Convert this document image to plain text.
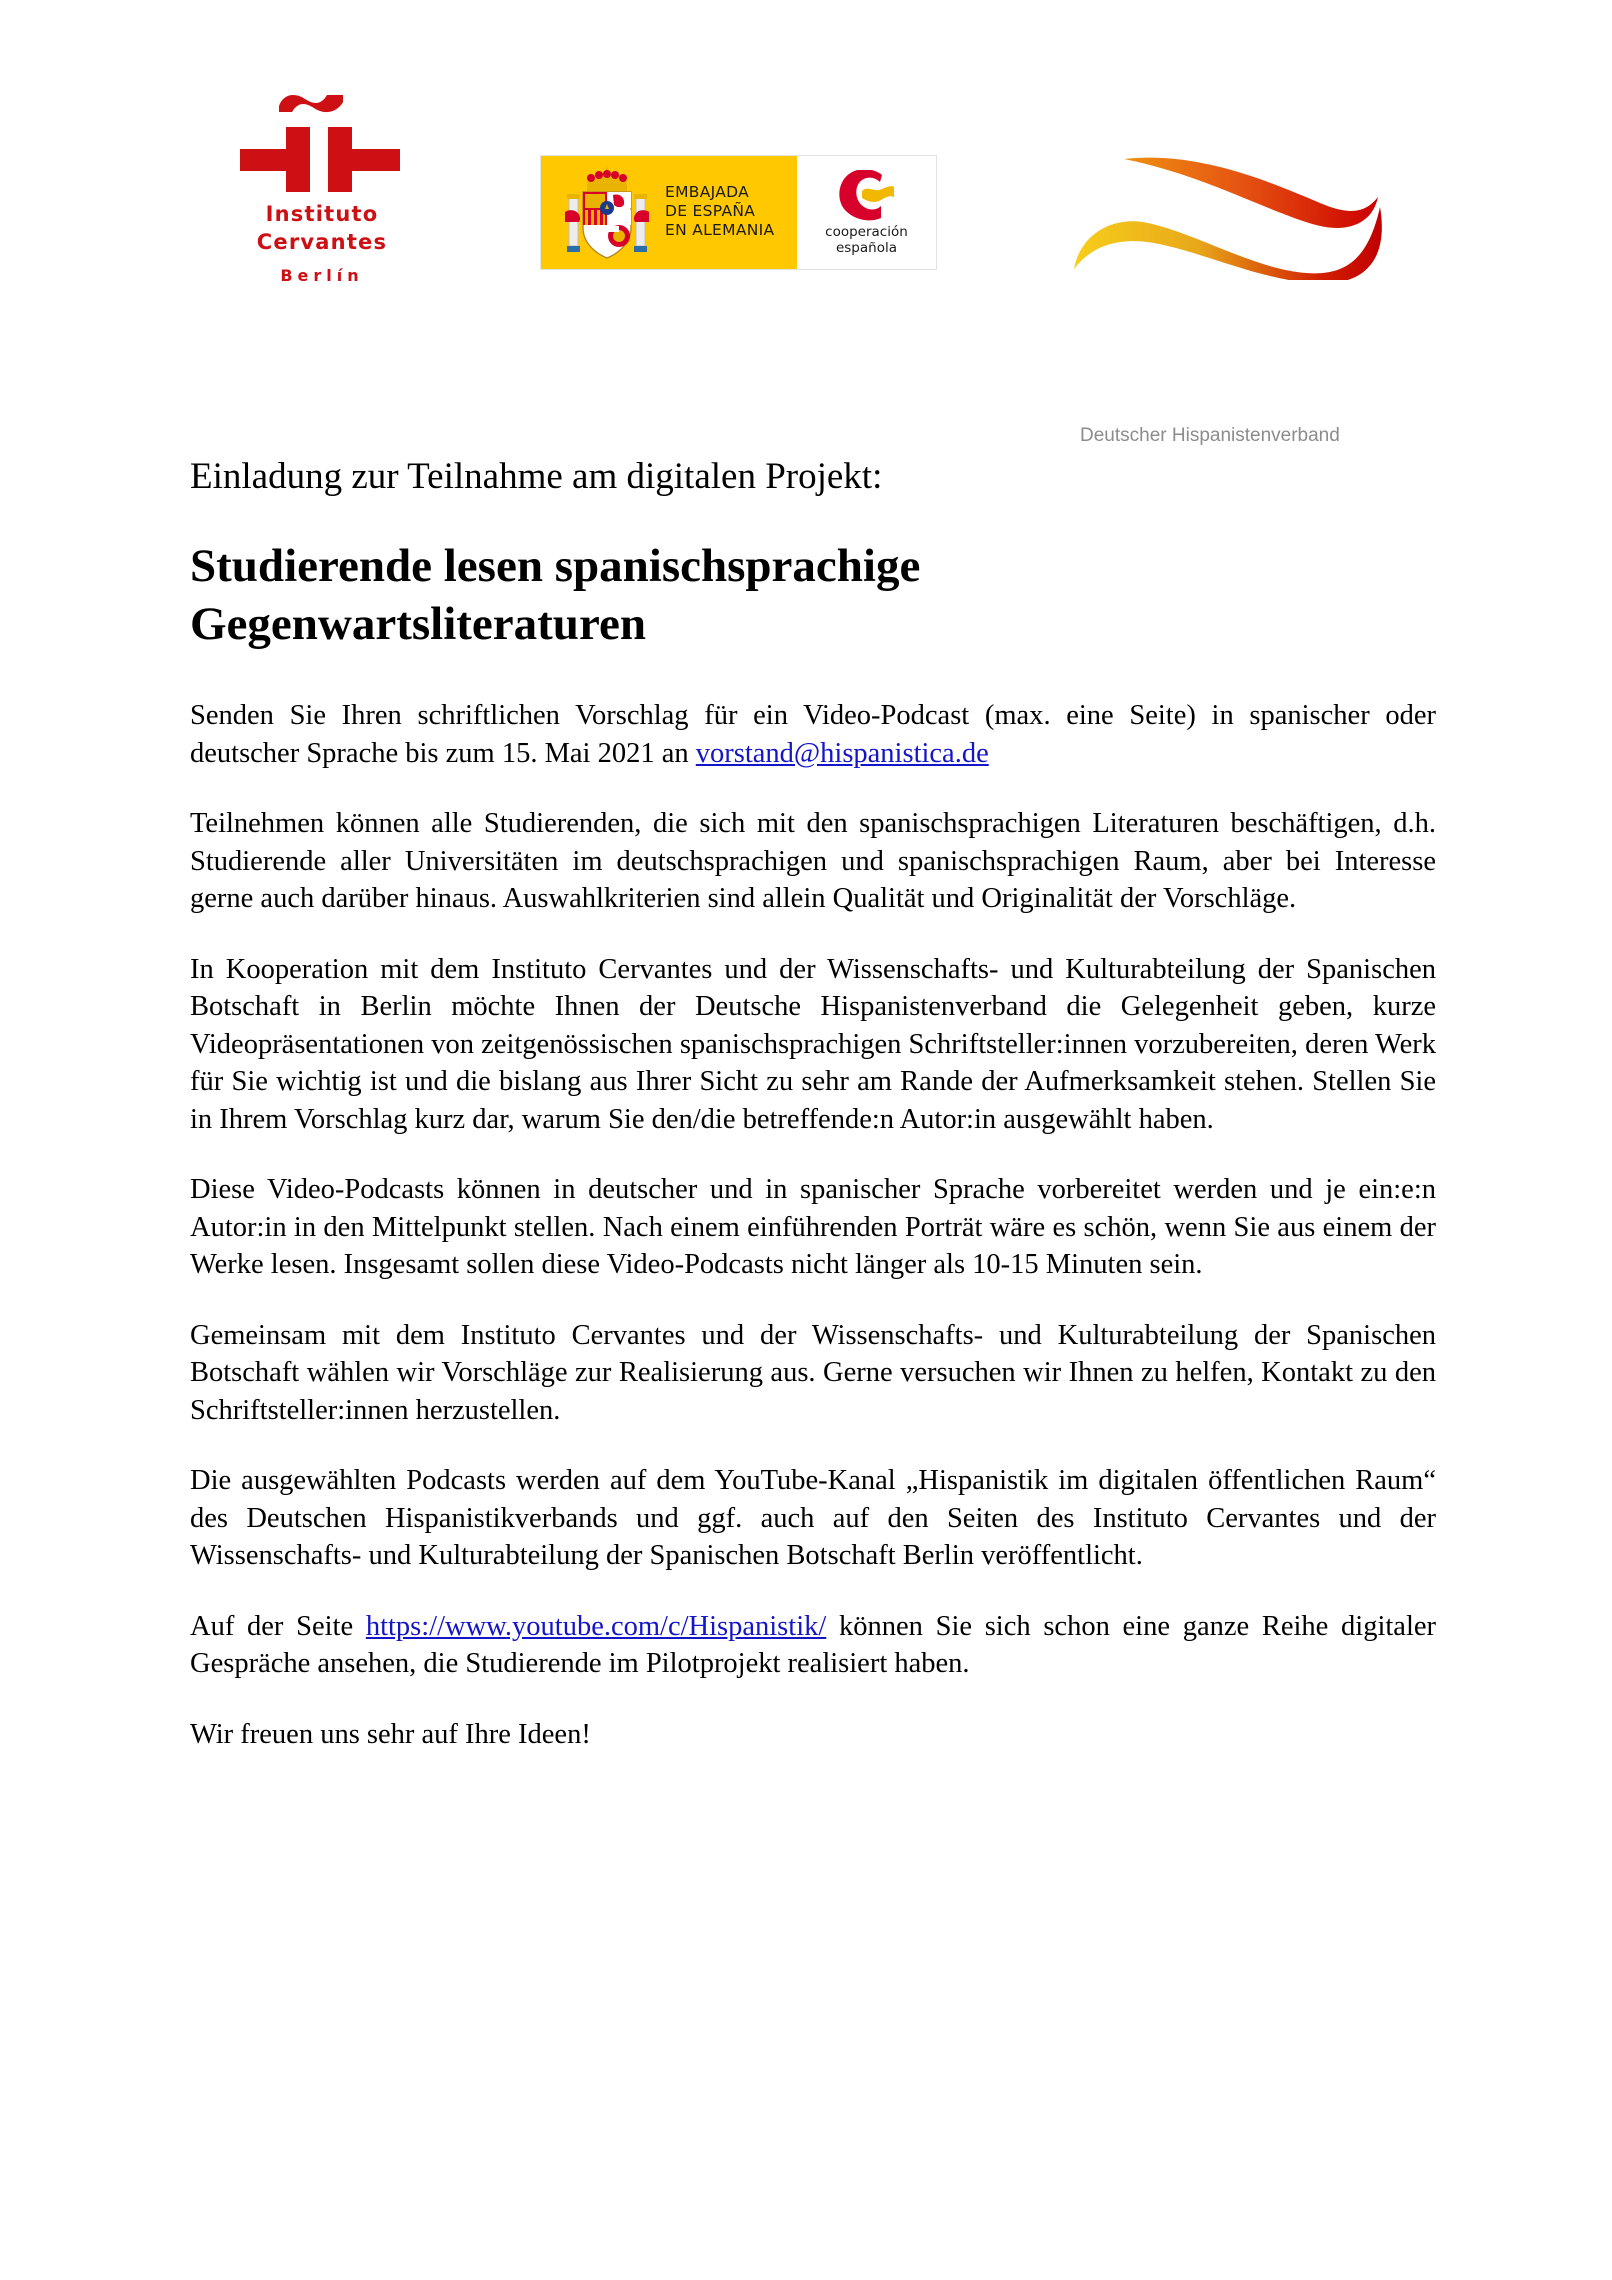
Instituto
Cervantes
Berlín
EMBAJADA
DE ESPAÑA
EN ALEMANIA	cooperación
española
Deutscher Hispanistenverband
Einladung zur Teilnahme am digitalen Projekt:
Studierende lesen spanischsprachige
Gegenwartsliteraturen

Senden Sie Ihren schriftlichen Vorschlag für ein Video-Podcast (max. eine Seite) in spanischer oder deutscher Sprache bis zum 15. Mai 2021 an vorstand@hispanistica.de

Teilnehmen können alle Studierenden, die sich mit den spanischsprachigen Literaturen beschäftigen, d.h. Studierende aller Universitäten im deutschsprachigen und spanischsprachigen Raum, aber bei Interesse gerne auch darüber hinaus. Auswahlkriterien sind allein Qualität und Originalität der Vorschläge.

In Kooperation mit dem Instituto Cervantes und der Wissenschafts- und Kulturabteilung der Spanischen Botschaft in Berlin möchte Ihnen der Deutsche Hispanistenverband die Gelegenheit geben, kurze Videopräsentationen von zeitgenössischen spanischsprachigen Schriftsteller:innen vorzubereiten, deren Werk für Sie wichtig ist und die bislang aus Ihrer Sicht zu sehr am Rande der Aufmerksamkeit stehen. Stellen Sie in Ihrem Vorschlag kurz dar, warum Sie den/die betreffende:n Autor:in ausgewählt haben.

Diese Video-Podcasts können in deutscher und in spanischer Sprache vorbereitet werden und je ein:e:n Autor:in in den Mittelpunkt stellen. Nach einem einführenden Porträt wäre es schön, wenn Sie aus einem der Werke lesen. Insgesamt sollen diese Video-Podcasts nicht länger als 10-15 Minuten sein.

Gemeinsam mit dem Instituto Cervantes und der Wissenschafts- und Kulturabteilung der Spanischen Botschaft wählen wir Vorschläge zur Realisierung aus. Gerne versuchen wir Ihnen zu helfen, Kontakt zu den Schriftsteller:innen herzustellen.

Die ausgewählten Podcasts werden auf dem YouTube-Kanal „Hispanistik im digitalen öffentlichen Raum“ des Deutschen Hispanistikverbands und ggf. auch auf den Seiten des Instituto Cervantes und der Wissenschafts- und Kulturabteilung der Spanischen Botschaft Berlin veröffentlicht.

Auf der Seite https://www.youtube.com/c/Hispanistik/ können Sie sich schon eine ganze Reihe digitaler Gespräche ansehen, die Studierende im Pilotprojekt realisiert haben.

Wir freuen uns sehr auf Ihre Ideen!
